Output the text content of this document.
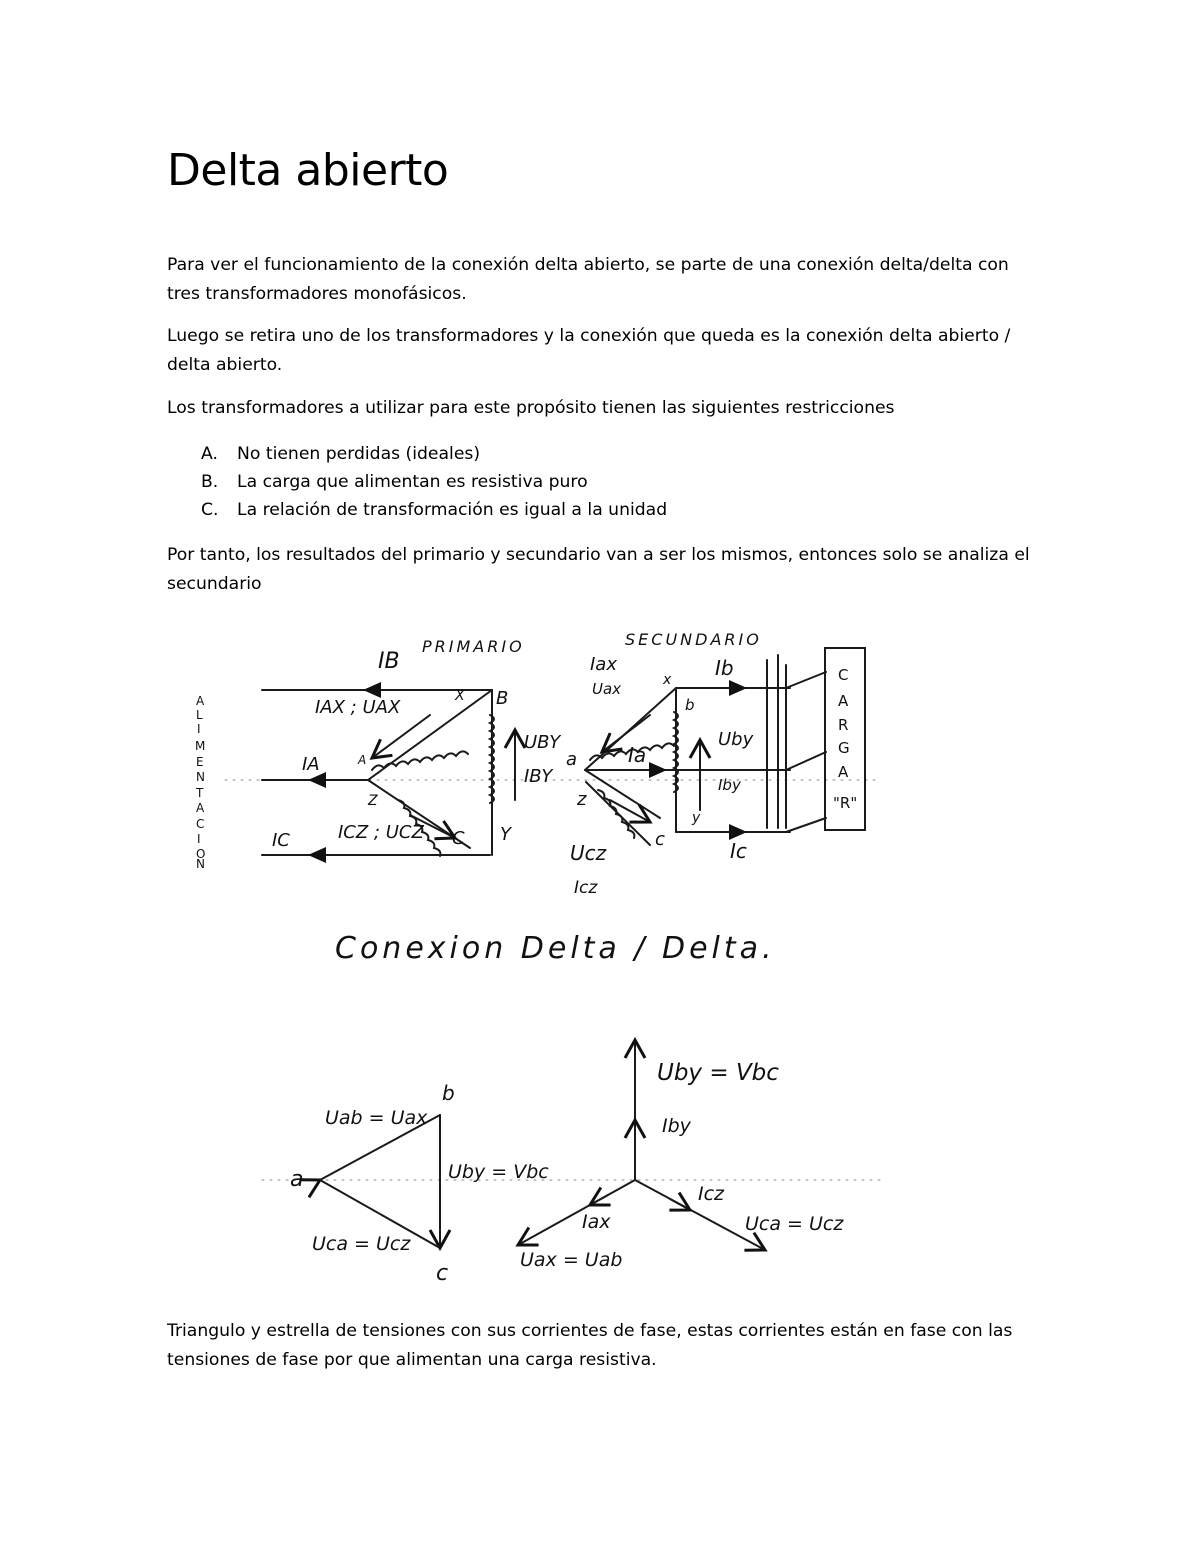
Delta abierto

Para ver el funcionamiento de la conexión delta abierto, se parte de una conexión delta/delta con tres transformadores monofásicos.

Luego se retira uno de los transformadores y la conexión que queda es la conexión delta abierto / delta abierto.

Los transformadores a utilizar para este propósito tienen las siguientes restricciones

A. No tienen perdidas (ideales)
B. La carga que alimentan es resistiva puro
C. La relación de transformación es igual a la unidad

Por tanto, los resultados del primario y secundario van a ser los mismos, entonces solo se analiza el secundario

PRIMARIO	SECUNDARIO
IB
IAX ; UAX
IA
IC	ICZ ; UCZ
UBY
IBY
B
A
C
X
Y
Z
Iax
Uax
Ib
Ia
Ic
Uby
Iby
a
b
c
x
y
z
Ucz
Icz
Conexion Delta / Delta.
A
L
I
M
E
N
T
A
C
I
O
N
C
A
R
G
A
"R"
a
b
c
Uab = Uax
Uby = Vbc
Uca = Ucz
Uby = Vbc
Iby
Icz
Uca = Ucz
Iax
Uax = Uab

Triangulo y estrella de tensiones con sus corrientes de fase, estas corrientes están en fase con las tensiones de fase por que alimentan una carga resistiva.
